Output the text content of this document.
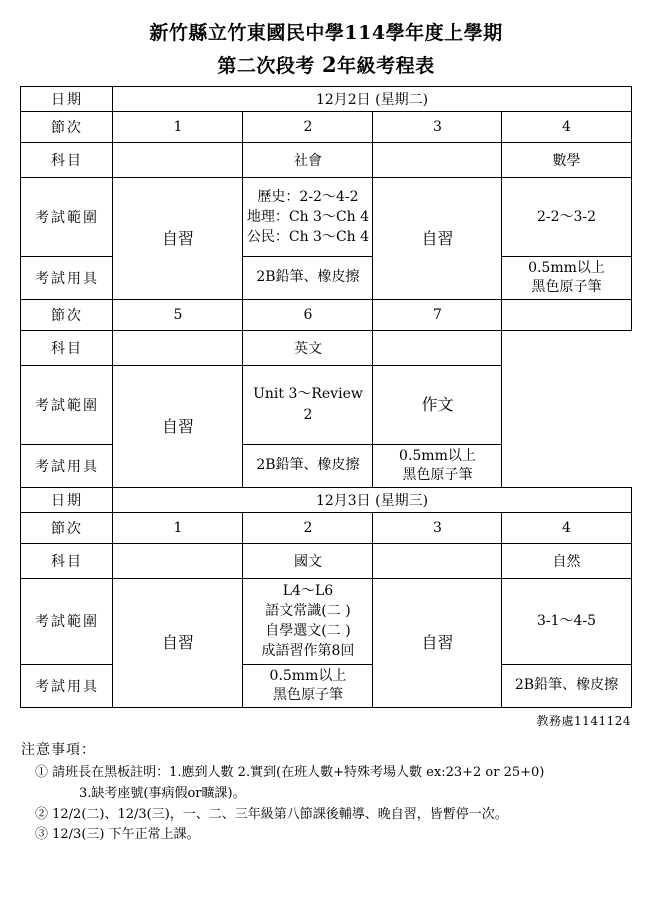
新竹縣立竹東國民中學114學年度上學期
第二次段考 2年級考程表
日期	12月2日 (星期二)			
節次	1	2	3	4
科目		社會		數學
考試範圍	自習	歷史：2-2～4-2
地理：Ch 3～Ch 4
公民：Ch 3～Ch 4	自習	2-2～3-2
考試用具		2B鉛筆、橡皮擦		0.5mm以上
黑色原子筆

節次	5	6	7	
科目		英文		
考試範圍	自習	Unit 3～Review 2	作文	
考試用具		2B鉛筆、橡皮擦	0.5mm以上
黑色原子筆	

日期	12月3日 (星期三)			
節次	1	2	3	4
科目		國文		自然
考試範圍	自習	L4～L6
語文常識(二 )
自學選文(二 )
成語習作第8回	自習	3-1～4-5
考試用具		0.5mm以上
黑色原子筆		2B鉛筆、橡皮擦
教務處1141124
注意事項：
① 請班長在黑板註明：1.應到人數 2.實到(在班人數+特殊考場人數 ex:23+2 or 25+0)
3.缺考座號(事病假or曠課)。
② 12/2(二)、12/3(三)，一、二、三年級第八節課後輔導、晚自習，皆暫停一次。
③ 12/3(三) 下午正常上課。
